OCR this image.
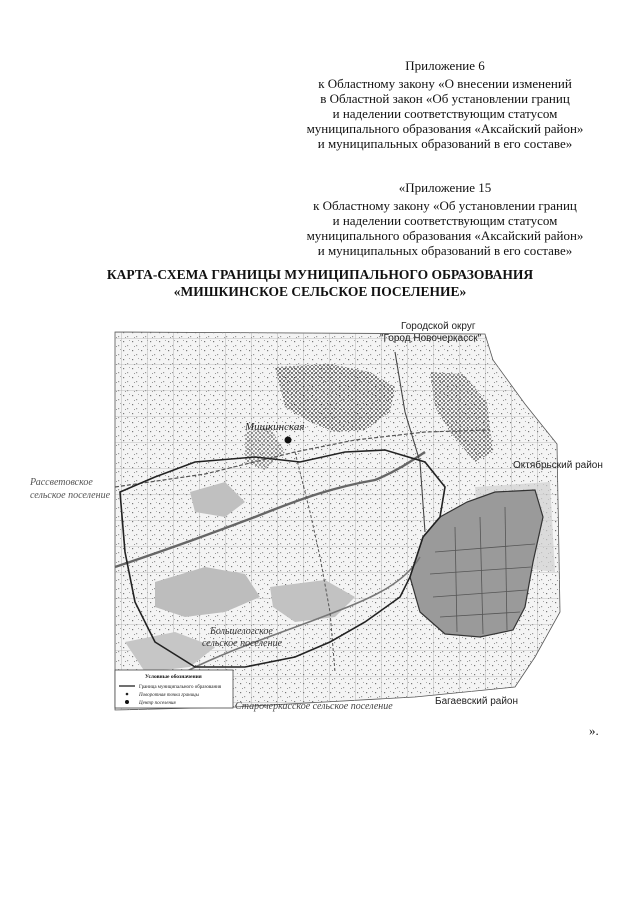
Приложение 6
к Областному закону «О внесении изменений
в Областной закон «Об установлении границ
и наделении соответствующим статусом
муниципального образования «Аксайский район»
и муниципальных образований в его составе»
«Приложение 15
к Областному закону «Об установлении границ
и наделении соответствующим статусом
муниципального образования «Аксайский район»
и муниципальных образований в его составе»
КАРТА-СХЕМА ГРАНИЦЫ МУНИЦИПАЛЬНОГО ОБРАЗОВАНИЯ
«МИШКИНСКОЕ СЕЛЬСКОЕ ПОСЕЛЕНИЕ»
Городской округ
"Город Новочеркасск"
Октябрьский район
Мишкинская
Большелогское
сельское поселение
Багаевский район
Старочеркасское сельское поселение
Условные обозначения
Граница муниципального образования
Поворотная точка границы
Центр поселения
».
Рассветовское
сельское поселение
